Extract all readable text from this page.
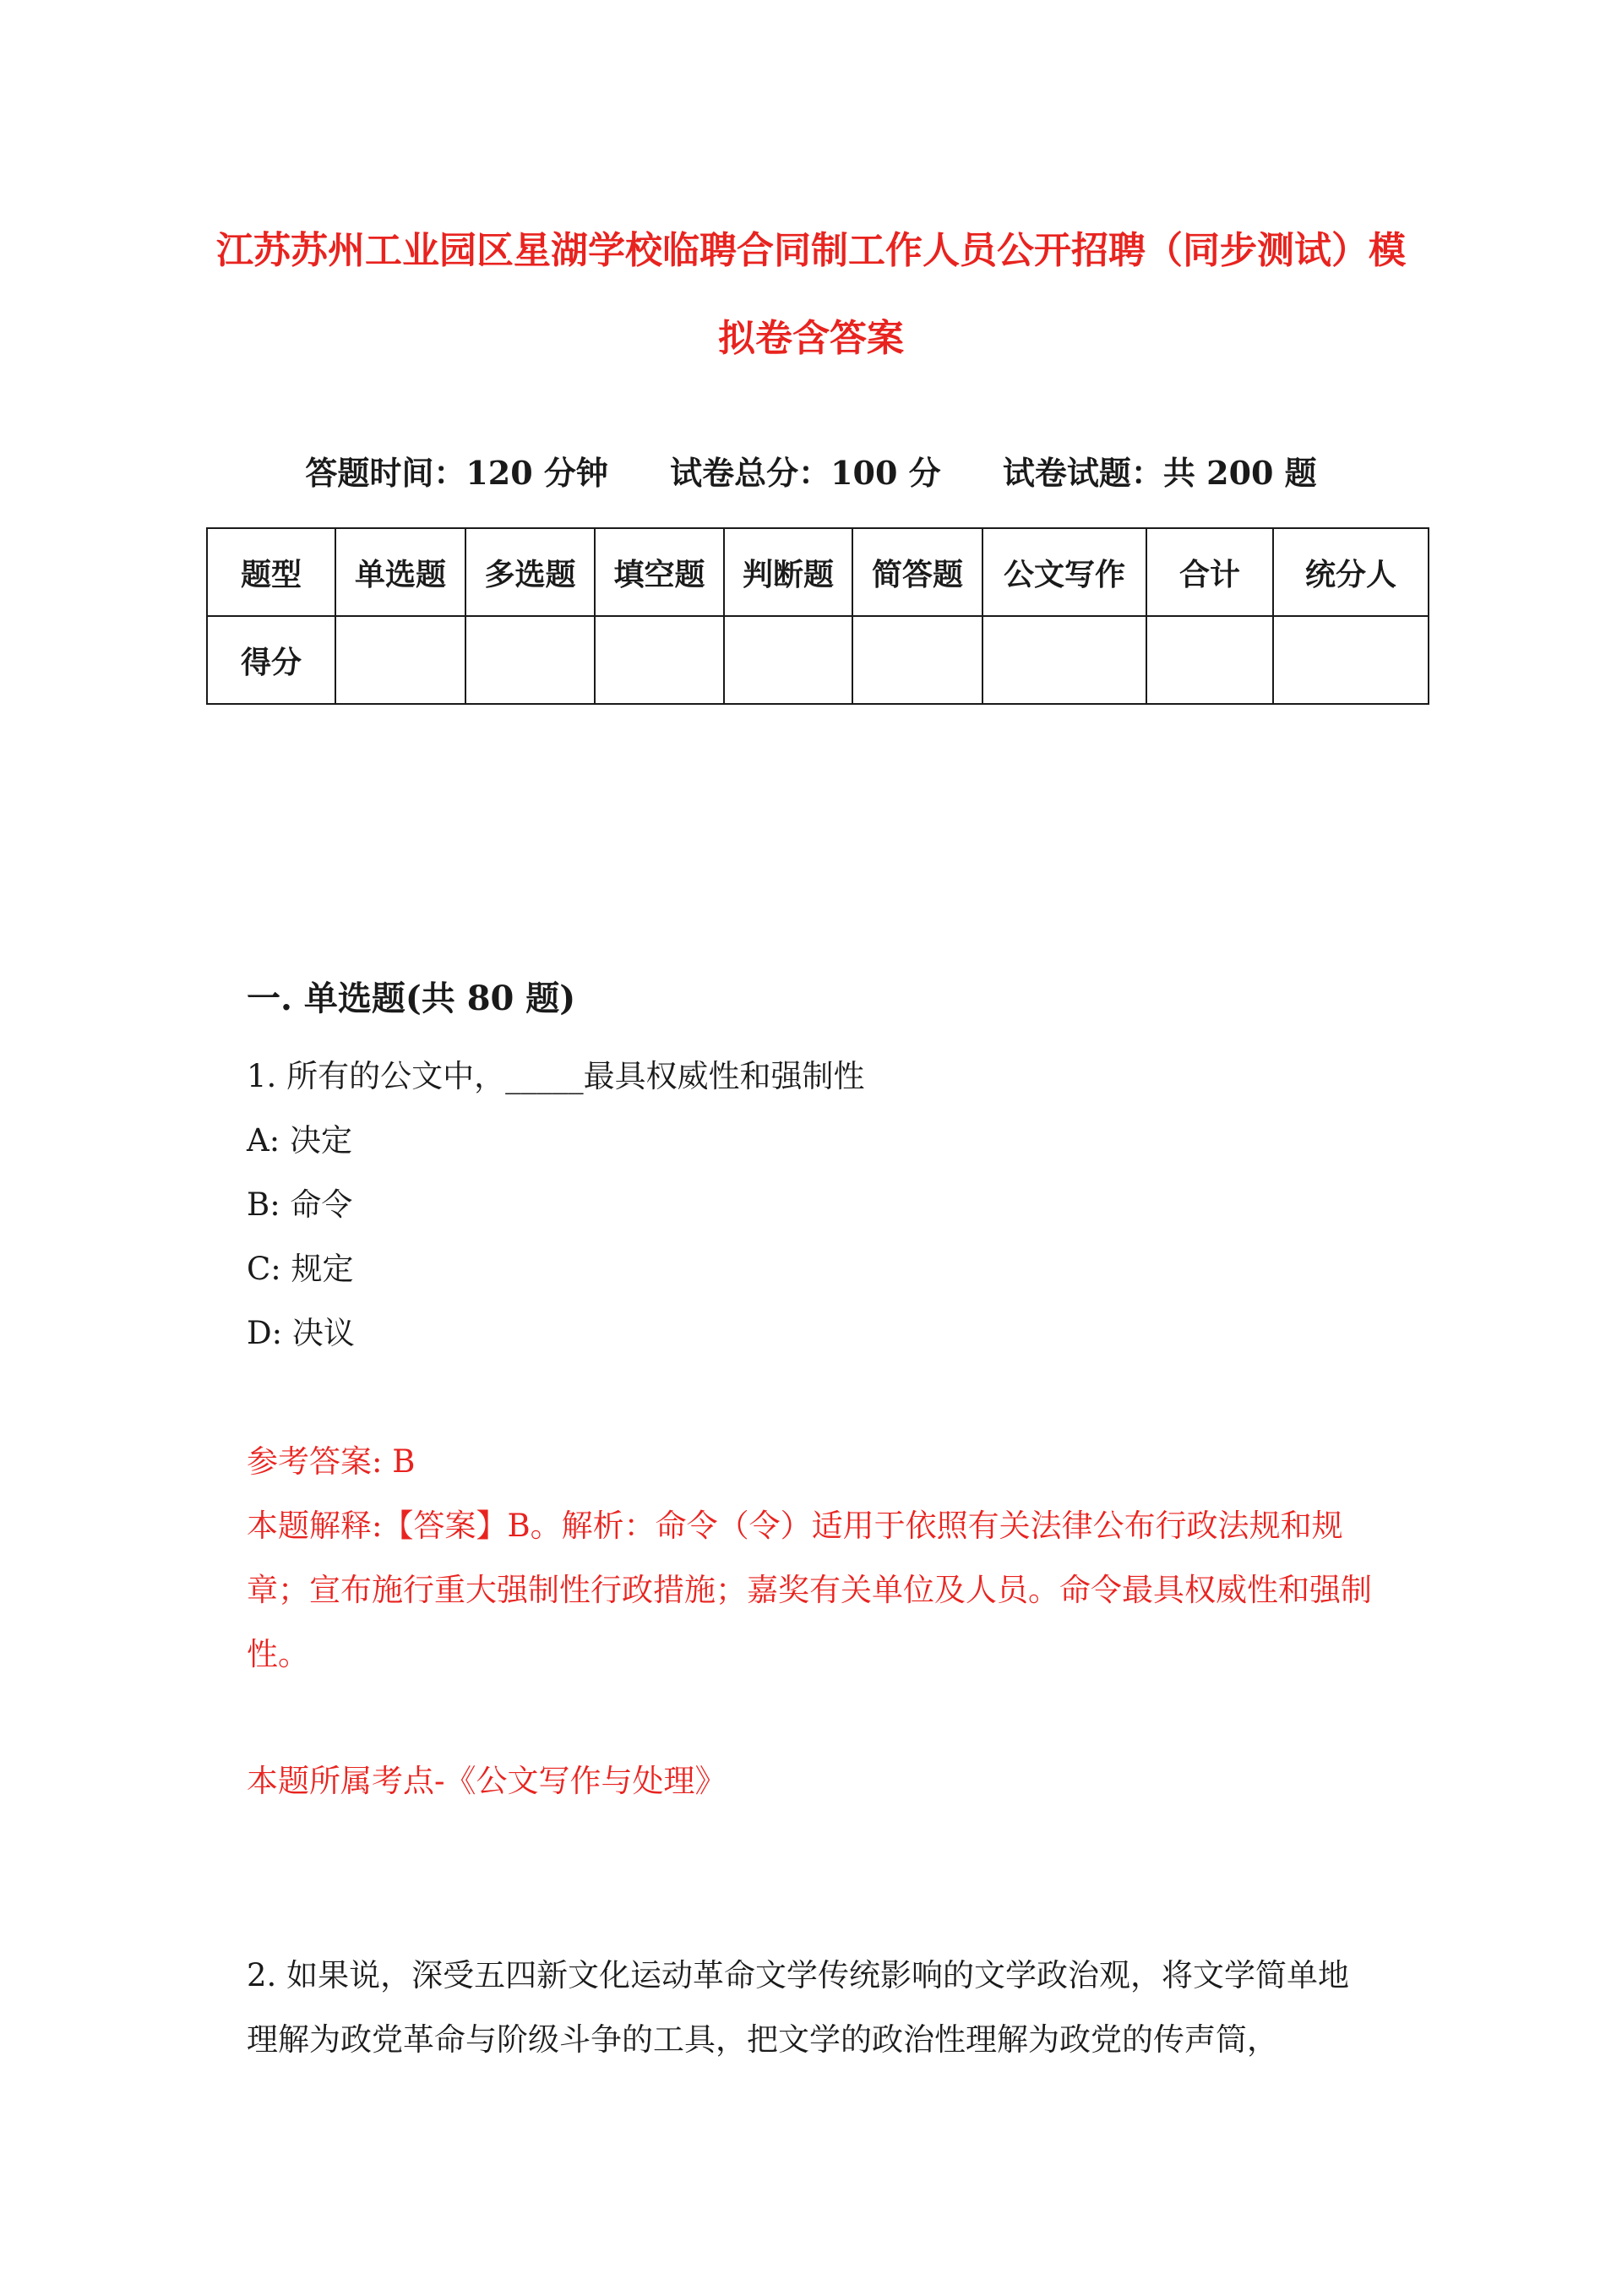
江苏苏州工业园区星湖学校临聘合同制工作人员公开招聘（同步测试）模拟卷含答案
答题时间：120 分钟 试卷总分：100 分 试卷试题：共 200 题
题型	单选题	多选题	填空题	判断题	简答题	公文写作	合计	统分人
得分								
一. 单选题(共 80 题)
1. 所有的公文中，_____最具权威性和强制性
A: 决定
B: 命令
C: 规定
D: 决议
参考答案: B
本题解释:【答案】B。解析：命令（令）适用于依照有关法律公布行政法规和规章；宣布施行重大强制性行政措施；嘉奖有关单位及人员。命令最具权威性和强制性。
本题所属考点-《公文写作与处理》
2. 如果说，深受五四新文化运动革命文学传统影响的文学政治观，将文学简单地理解为政党革命与阶级斗争的工具，把文学的政治性理解为政党的传声筒，
